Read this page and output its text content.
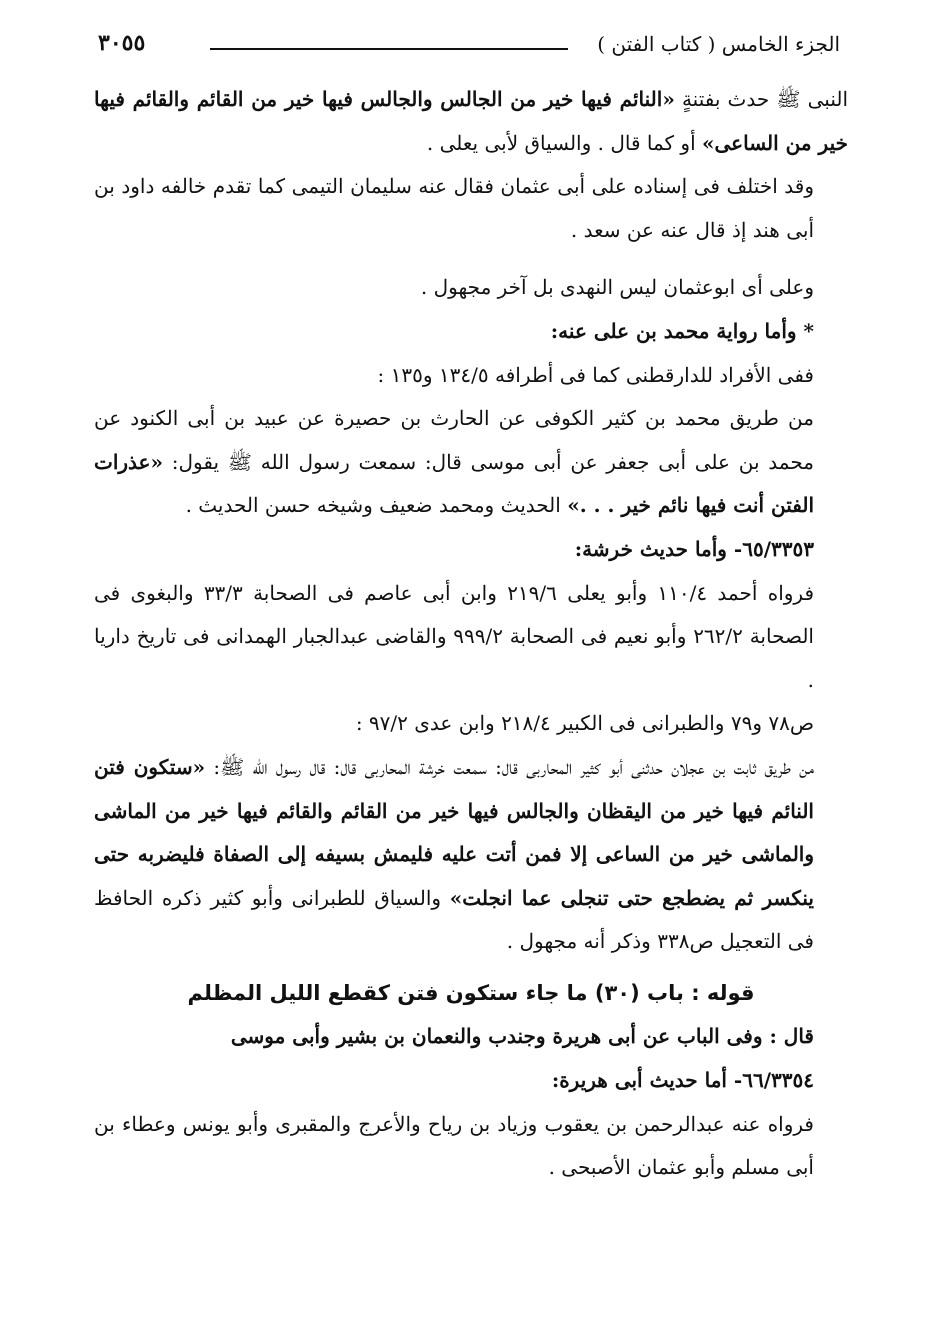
الجزء الخامس ( كتاب الفتن )
٣٠٥٥

النبى ﷺ حدث بفتنةٍ «النائم فيها خير من الجالس والجالس فيها خير من القائم والقائم فيها خير من الساعى» أو كما قال . والسياق لأبى يعلى .

وقد اختلف فى إسناده على أبى عثمان فقال عنه سليمان التيمى كما تقدم خالفه داود بن أبى هند إذ قال عنه عن سعد .

وعلى أى ابوعثمان ليس النهدى بل آخر مجهول .

* وأما رواية محمد بن على عنه:

ففى الأفراد للدارقطنى كما فى أطرافه ١٣٤/٥ و١٣٥ :

من طريق محمد بن كثير الكوفى عن الحارث بن حصيرة عن عبيد بن أبى الكنود عن محمد بن على أبى جعفر عن أبى موسى قال: سمعت رسول الله ﷺ يقول: «عذرات الفتن أنت فيها نائم خير . . .» الحديث ومحمد ضعيف وشيخه حسن الحديث .

٦٥/٣٣٥٣- وأما حديث خرشة:

فرواه أحمد ١١٠/٤ وأبو يعلى ٢١٩/٦ وابن أبى عاصم فى الصحابة ٣٣/٣ والبغوى فى الصحابة ٢٦٢/٢ وأبو نعيم فى الصحابة ٩٩٩/٢ والقاضى عبدالجبار الهمدانى فى تاريخ داريا .

ص٧٨ و٧٩ والطبرانى فى الكبير ٢١٨/٤ وابن عدى ٩٧/٢ :

من طريق ثابت بن عجلان حدثنى أبو كثير المحاربى قال: سمعت خرشة المحاربى قال: قال رسول الله ﷺ: «ستكون فتن النائم فيها خير من اليقظان والجالس فيها خير من القائم والقائم فيها خير من الماشى والماشى خير من الساعى إلا فمن أتت عليه فليمش بسيفه إلى الصفاة فليضربه حتى ينكسر ثم يضطجع حتى تنجلى عما انجلت» والسياق للطبرانى وأبو كثير ذكره الحافظ فى التعجيل ص٣٣٨ وذكر أنه مجهول .

قوله : باب (٣٠) ما جاء ستكون فتن كقطع الليل المظلم

قال : وفى الباب عن أبى هريرة وجندب والنعمان بن بشير وأبى موسى

٦٦/٣٣٥٤- أما حديث أبى هريرة:

فرواه عنه عبدالرحمن بن يعقوب وزياد بن رياح والأعرج والمقبرى وأبو يونس وعطاء بن أبى مسلم وأبو عثمان الأصبحى .
